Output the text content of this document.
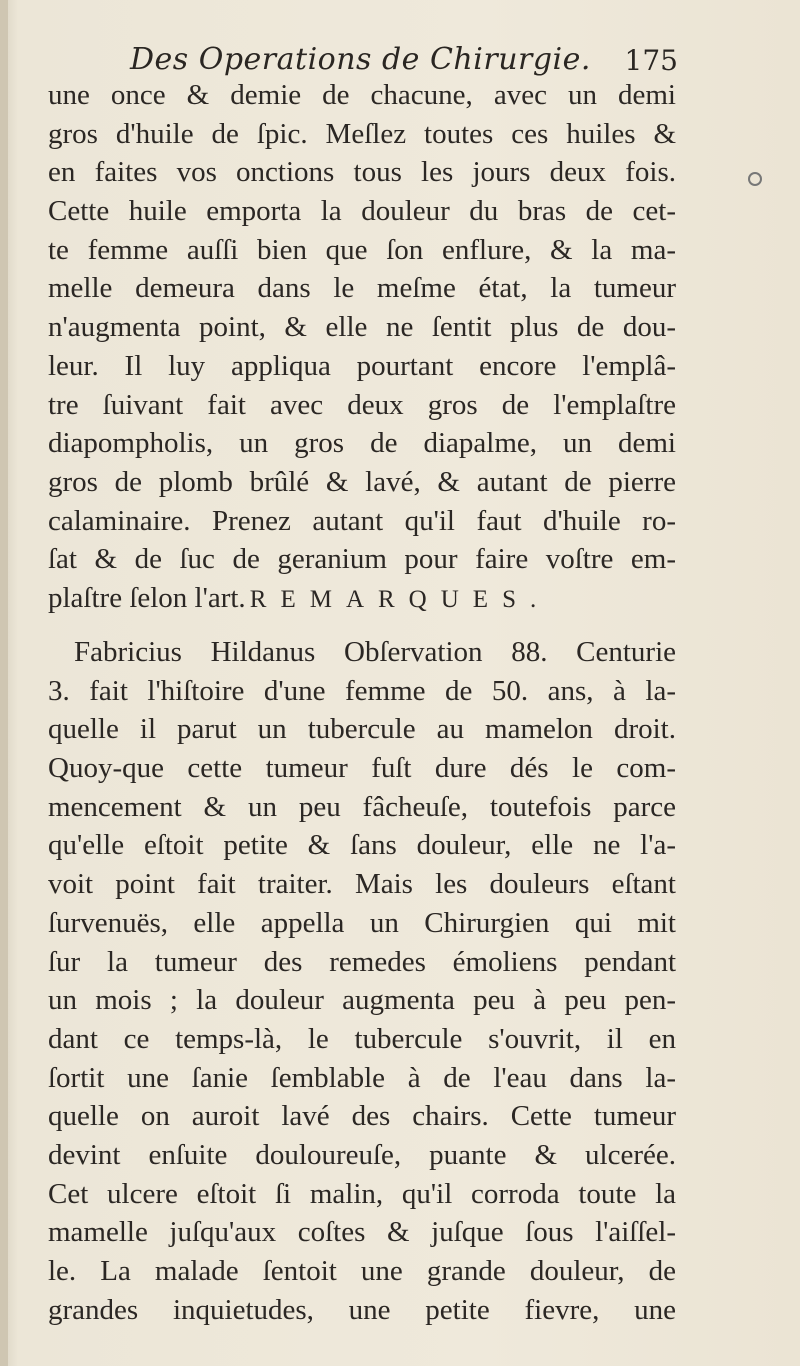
Des Operations de Chirurgie. 175
une once & demie de chacune, avec un demi
gros d'huile de ſpic. Meſlez toutes ces huiles &
en faites vos onctions tous les jours deux fois.
Cette huile emporta la douleur du bras de cet-
te femme auſſi bien que ſon enflure, & la ma-
melle demeura dans le meſme état, la tumeur
n'augmenta point, & elle ne ſentit plus de dou-
leur. Il luy appliqua pourtant encore l'emplâ-
tre ſuivant fait avec deux gros de l'emplaſtre
diapompholis, un gros de diapalme, un demi
gros de plomb brûlé & lavé, & autant de pierre
calaminaire. Prenez autant qu'il faut d'huile ro-
ſat & de ſuc de geranium pour faire voſtre em-
plaſtre ſelon l'art. REMARQUES.
Fabricius Hildanus Obſervation 88. Centurie
3. fait l'hiſtoire d'une femme de 50. ans, à la-
quelle il parut un tubercule au mamelon droit.
Quoy-que cette tumeur fuſt dure dés le com-
mencement & un peu fâcheuſe, toutefois parce
qu'elle eſtoit petite & ſans douleur, elle ne l'a-
voit point fait traiter. Mais les douleurs eſtant
ſurvenuës, elle appella un Chirurgien qui mit
ſur la tumeur des remedes émoliens pendant
un mois ; la douleur augmenta peu à peu pen-
dant ce temps-là, le tubercule s'ouvrit, il en
ſortit une ſanie ſemblable à de l'eau dans la-
quelle on auroit lavé des chairs. Cette tumeur
devint enſuite douloureuſe, puante & ulcerée.
Cet ulcere eſtoit ſi malin, qu'il corroda toute la
mamelle juſqu'aux coſtes & juſque ſous l'aiſſel-
le. La malade ſentoit une grande douleur, de
grandes inquietudes, une petite fievre, une
